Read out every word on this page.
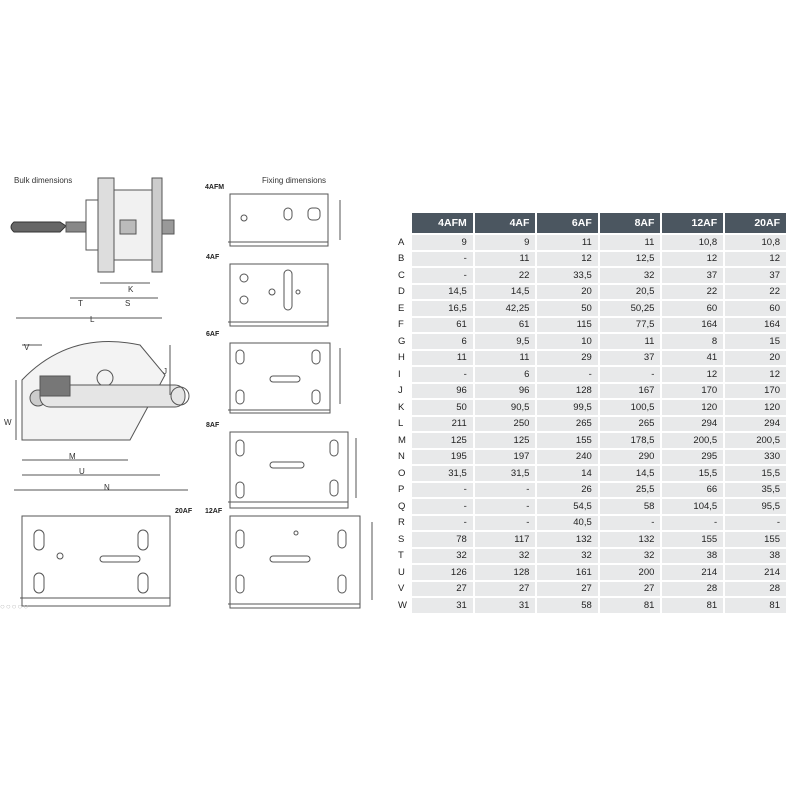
Bulk dimensions	Fixing dimensions
4AFM
4AF
6AF
8AF
20AF 12AF
K
S
T
L
V
J
W
M
U
N
	4AFM	4AF	6AF	8AF	12AF	20AF
A	9	9	11	11	10,8	10,8
B	-	11	12	12,5	12	12
C	-	22	33,5	32	37	37
D	14,5	14,5	20	20,5	22	22
E	16,5	42,25	50	50,25	60	60
F	61	61	115	77,5	164	164
G	6	9,5	10	11	8	15
H	11	11	29	37	41	20
I	-	6	-	-	12	12
J	96	96	128	167	170	170
K	50	90,5	99,5	100,5	120	120
L	211	250	265	265	294	294
M	125	125	155	178,5	200,5	200,5
N	195	197	240	290	295	330
O	31,5	31,5	14	14,5	15,5	15,5
P	-	-	26	25,5	66	35,5
Q	-	-	54,5	58	104,5	95,5
R	-	-	40,5	-	-	-
S	78	117	132	132	155	155
T	32	32	32	32	38	38
U	126	128	161	200	214	214
V	27	27	27	27	28	28
W	31	31	58	81	81	81
○○○○○
